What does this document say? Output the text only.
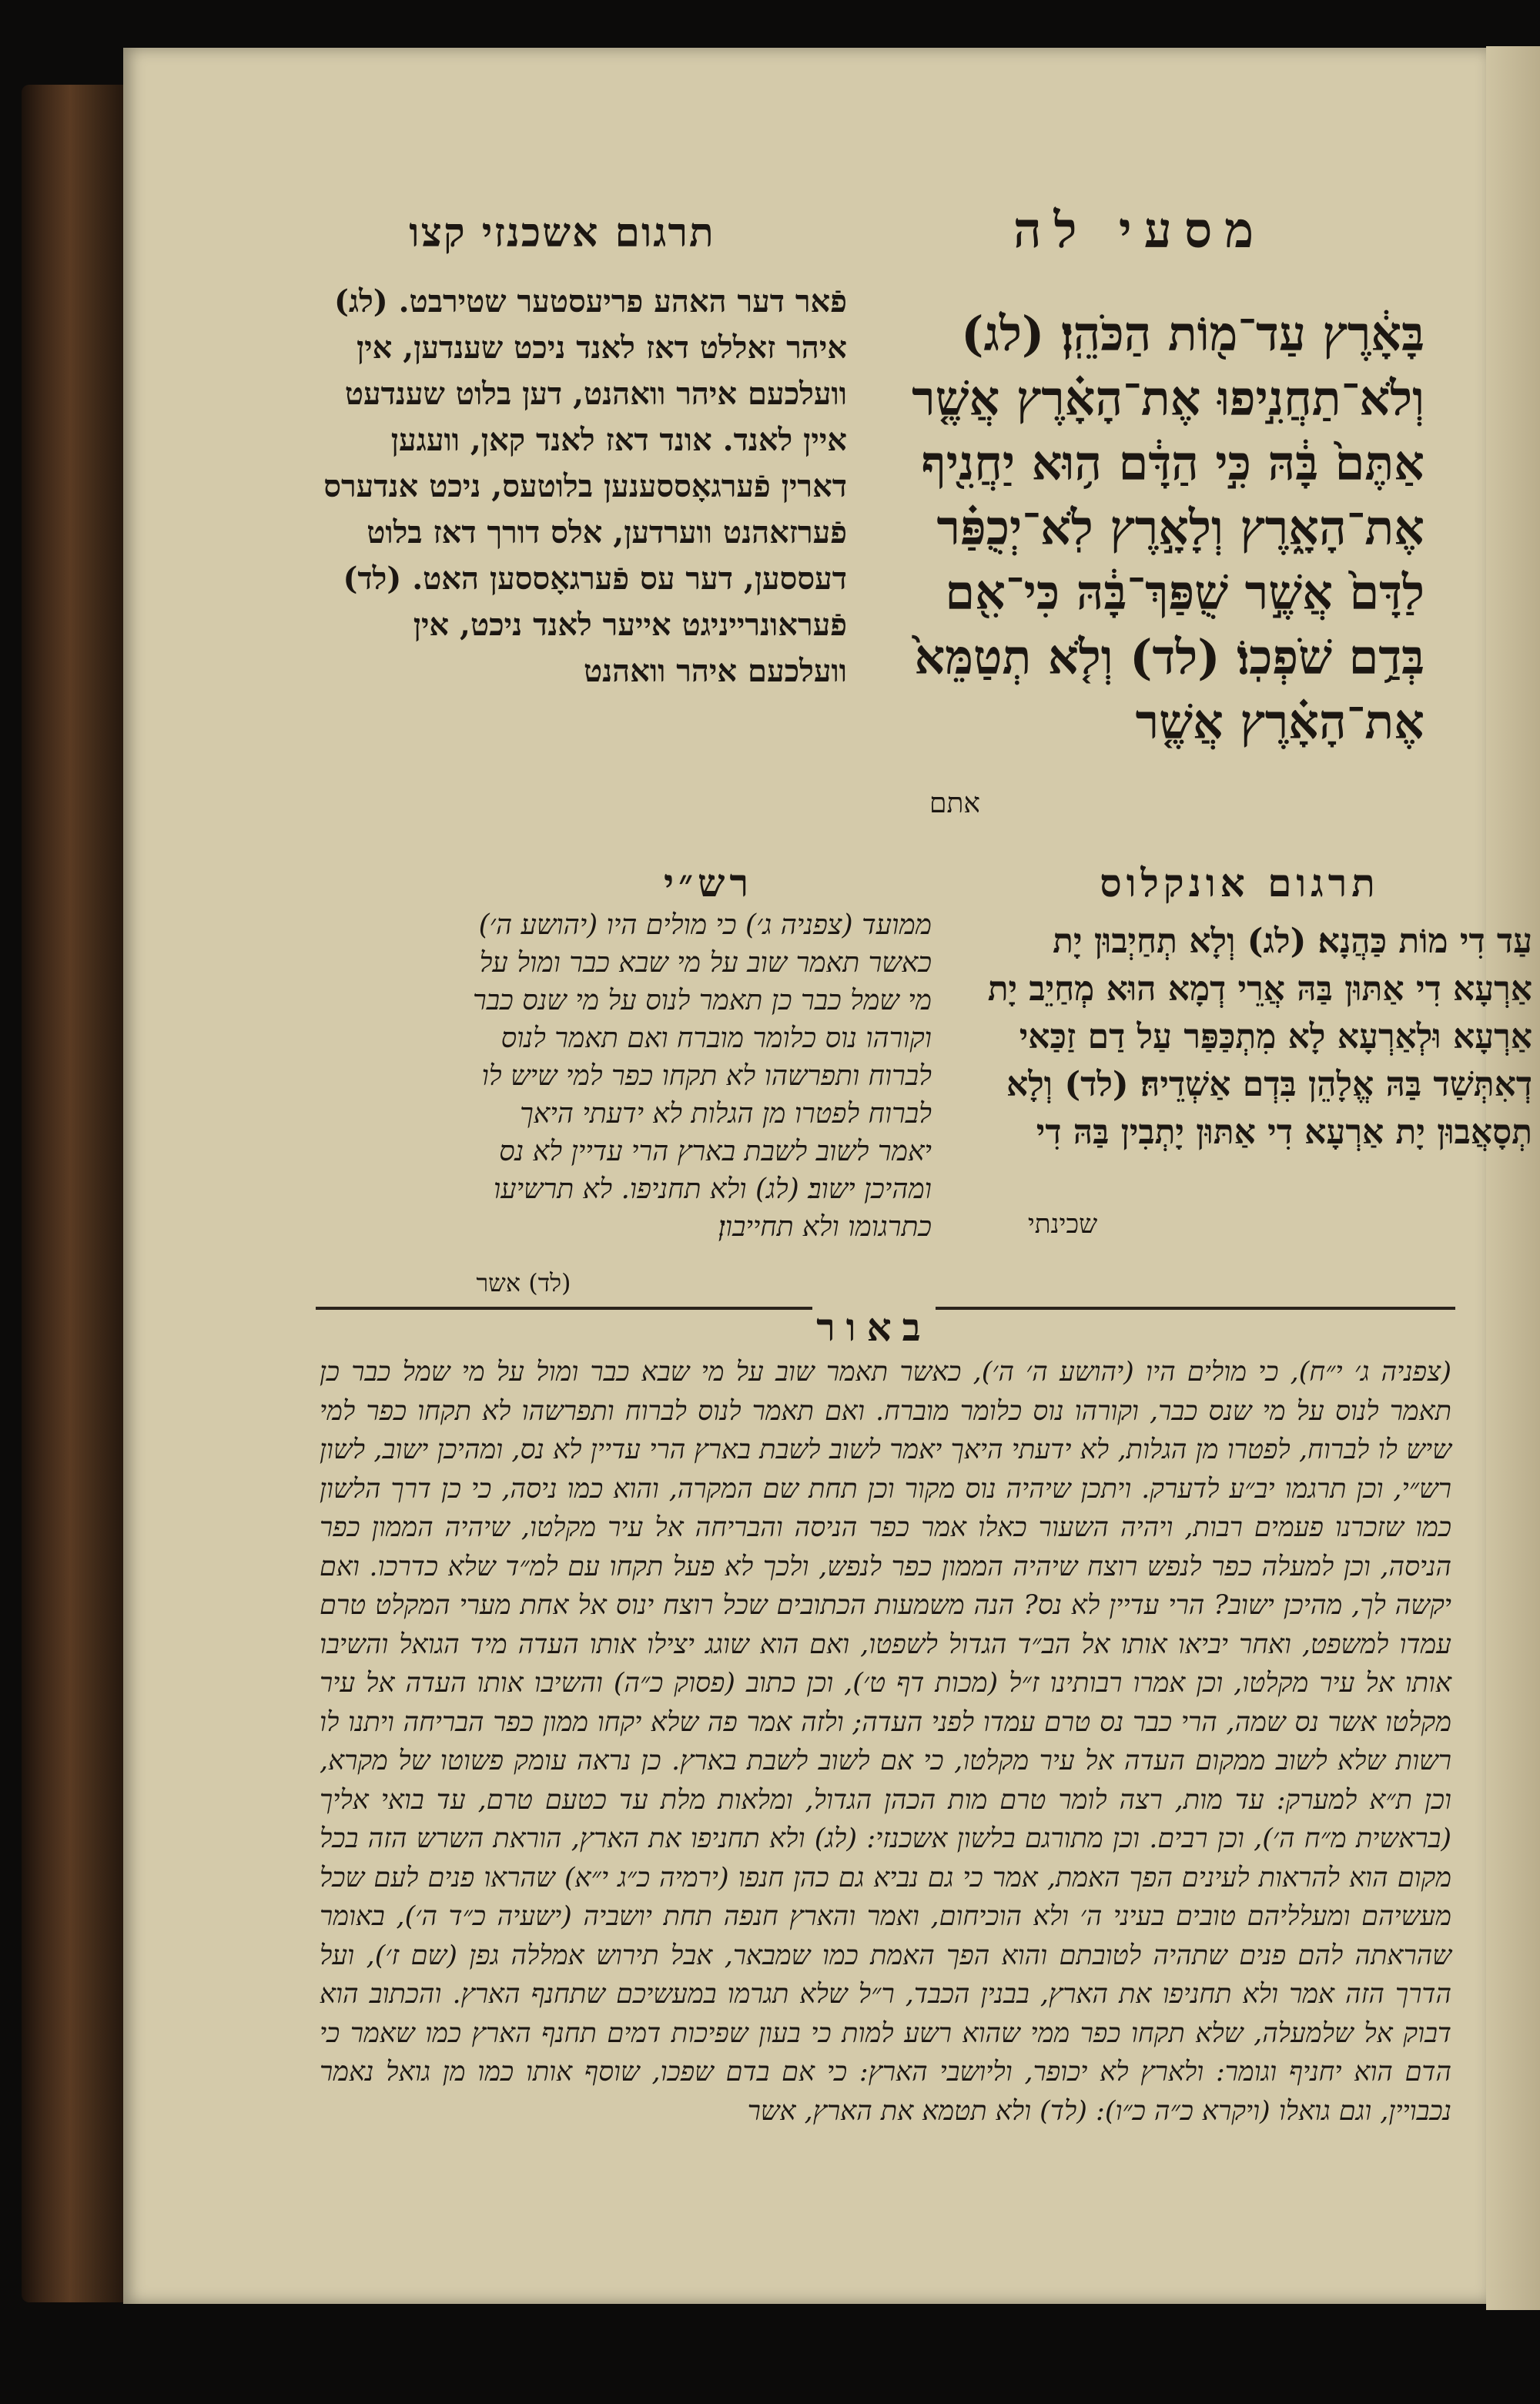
תרגום אשכנזי קצו	מסעי לה
בָּאָ֔רֶץ עַד־מ֖וֹת הַכֹּהֵֽן׃ (לג) וְלֹא־תַחֲנִ֣יפוּ אֶת־הָאָ֗רֶץ אֲשֶׁ֤ר אַתֶּם֙ בָּ֔הּ כִּ֣י הַדָּ֔ם ה֥וּא יַחֲנִ֖יף אֶת־הָאָ֑רֶץ וְלָאָ֣רֶץ לֹֽא־יְכֻפַּ֗ר לַדָּם֙ אֲשֶׁ֣ר שֻׁפַּךְ־בָּ֔הּ כִּי־אִ֖ם בְּדַ֥ם שֹׁפְכֽוֹ׃ (לד) וְלֹ֤א תְטַמֵּא֙ אֶת־הָאָ֗רֶץ אֲשֶׁ֤ר
אתם
פֿאר דער האהע פריעסטער שטירבט. (לג) איהר זאללט דאז לאנד ניכט שענדען, אין וועלכעם איהר וואהנט, דען בלוט שענדעט איין לאנד. אונד דאז לאנד קאן, וועגען דארין פֿערגאָססענען בלוטעס, ניכט אנדערס פֿערזאהנט ווערדען, אלס דורך דאז בלוט דעססען, דער עס פֿערגאָססען האט. (לד) פֿעראונרייניגט אייער לאנד ניכט, אין וועלכעם איהר וואהנט
רש״י	תרגום אונקלוס
עַד דִי מוֹת כַּהֲנָא׃ (לג) וְלָא תְחַיְבוּן יָת אַרְעָא דִי אַתּוּן בַּהּ אֲרֵי דְמָא הוּא מְחַיֵב יָת אַרְעָא וּלְאַרְעָא לָא מִתְכַּפַּר עַל דַם זַכַּאי דְאִתְּשַׁד בַּהּ אֱלָהֵן בִּדְם אַשְׁדֵיהּ׃ (לד) וְלָא תְסָאֲבוּן יָת אַרְעָא דִי אַתּוּן יָתְבִין בַּהּ דִי
שכינתי
ממועד (צפניה ג׳) כי מולים היו (יהושע ה׳) כאשר תאמר שוב על מי שבא כבר ומול על מי שמל כבר כן תאמר לנוס על מי שנס כבר וקורהו נוס כלומר מוברח ואם תאמר לנוס לברוח ותפרשהו לא תקחו כפר למי שיש לו לברוח לפטרו מן הגלות לא ידעתי היאך יאמר לשוב לשבת בארץ הרי עדיין לא נס ומהיכן ישוב׃ (לג) ולא תחניפו. לא תרשיעו כתרגומו ולא תחייבון׃
(לד) אשר
באור
(צפניה ג׳ י״ח), כי מולים היו (יהושע ה׳ ה׳), כאשר תאמר שוב על מי שבא כבר ומול על מי שמל כבר כן תאמר לנוס על מי שנס כבר, וקורהו נוס כלומר מוברח. ואם תאמר לנוס לברוח ותפרשהו לא תקחו כפר למי שיש לו לברוח, לפטרו מן הגלות, לא ידעתי היאך יאמר לשוב לשבת בארץ הרי עדיין לא נס, ומהיכן ישוב, לשון רש״י, וכן תרגמו יב״ע לדערק. ויתכן שיהיה נוס מקור וכן תחת שם המקרה, והוא כמו ניסה, כי כן דרך הלשון כמו שזכרנו פעמים רבות, ויהיה השעור כאלו אמר כפר הניסה והבריחה אל עיר מקלטו, שיהיה הממון כפר הניסה, וכן למעלה כפר לנפש רוצח שיהיה הממון כפר לנפש, ולכך לא פעל תקחו עם למ״ד שלא כדרכו. ואם יקשה לך, מהיכן ישוב? הרי עדיין לא נס? הנה משמעות הכתובים שכל רוצח ינוס אל אחת מערי המקלט טרם עמדו למשפט, ואחר יביאו אותו אל הב״ד הגדול לשפטו, ואם הוא שוגג יצילו אותו העדה מיד הגואל והשיבו אותו אל עיר מקלטו, וכן אמרו רבותינו ז״ל (מכות דף ט׳), וכן כתוב (פסוק כ״ה) והשיבו אותו העדה אל עיר מקלטו אשר נס שמה, הרי כבר נס טרם עמדו לפני העדה; ולזה אמר פה שלא יקחו ממון כפר הבריחה ויתנו לו רשות שלא לשוב ממקום העדה אל עיר מקלטו, כי אם לשוב לשבת בארץ. כן נראה עומק פשוטו של מקרא, וכן ת״א למערק: עד מות, רצה לומר טרם מות הכהן הגדול, ומלאות מלת עד כטעם טרם, עד בואי אליך (בראשית מ״ח ה׳), וכן רבים. וכן מתורגם בלשון אשכנזי: (לג) ולא תחניפו את הארץ, הוראת השרש הזה בכל מקום הוא להראות לעינים הפך האמת, אמר כי גם נביא גם כהן חנפו (ירמיה כ״ג י״א) שהראו פנים לעם שכל מעשיהם ומעלליהם טובים בעיני ה׳ ולא הוכיחום, ואמר והארץ חנפה תחת יושביה (ישעיה כ״ד ה׳), באומר שהראתה להם פנים שתהיה לטובתם והוא הפך האמת כמו שמבאר, אבל תירוש אמללה גפן (שם ז׳), ועל הדרך הזה אמר ולא תחניפו את הארץ, בבנין הכבד, ר״ל שלא תגרמו במעשיכם שתחנף הארץ. והכתוב הוא דבוק אל שלמעלה, שלא תקחו כפר ממי שהוא רשע למות כי בעון שפיכות דמים תחנף הארץ כמו שאמר כי הדם הוא יחניף וגומר: ולארץ לא יכופר, וליושבי הארץ: כי אם בדם שפכו, שוסף אותו כמו מן גואל נאמר נכבויין, וגם גואלו (ויקרא כ״ה כ״ו): (לד) ולא תטמא את הארץ, אשר
